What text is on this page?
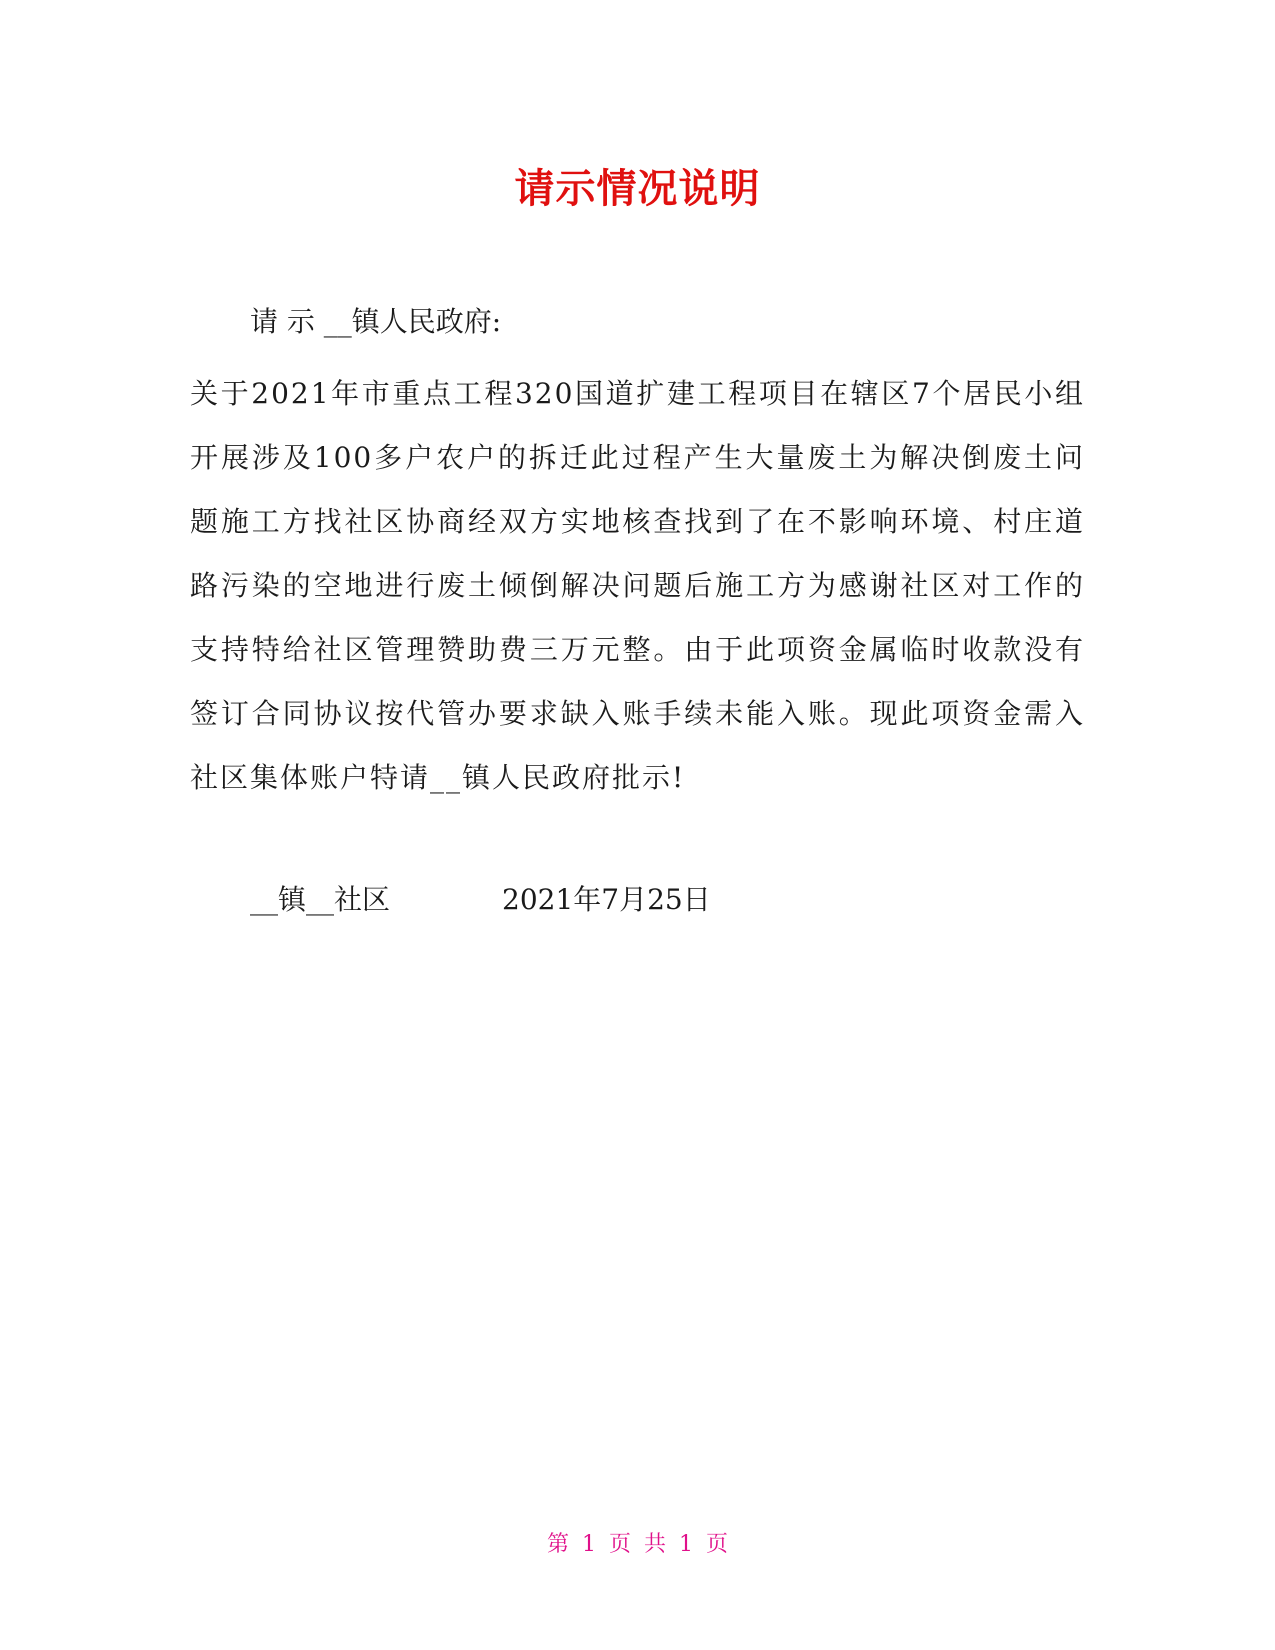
请示情况说明
请 示 __镇人民政府:
关于2021年市重点工程320国道扩建工程项目在辖区7个居民小组开展涉及100多户农户的拆迁此过程产生大量废土为解决倒废土问题施工方找社区协商经双方实地核查找到了在不影响环境、村庄道路污染的空地进行废土倾倒解决问题后施工方为感谢社区对工作的支持特给社区管理赞助费三万元整。由于此项资金属临时收款没有签订合同协议按代管办要求缺入账手续未能入账。现此项资金需入社区集体账户特请__镇人民政府批示!
__镇__社区	2021年7月25日
第 1 页 共 1 页
